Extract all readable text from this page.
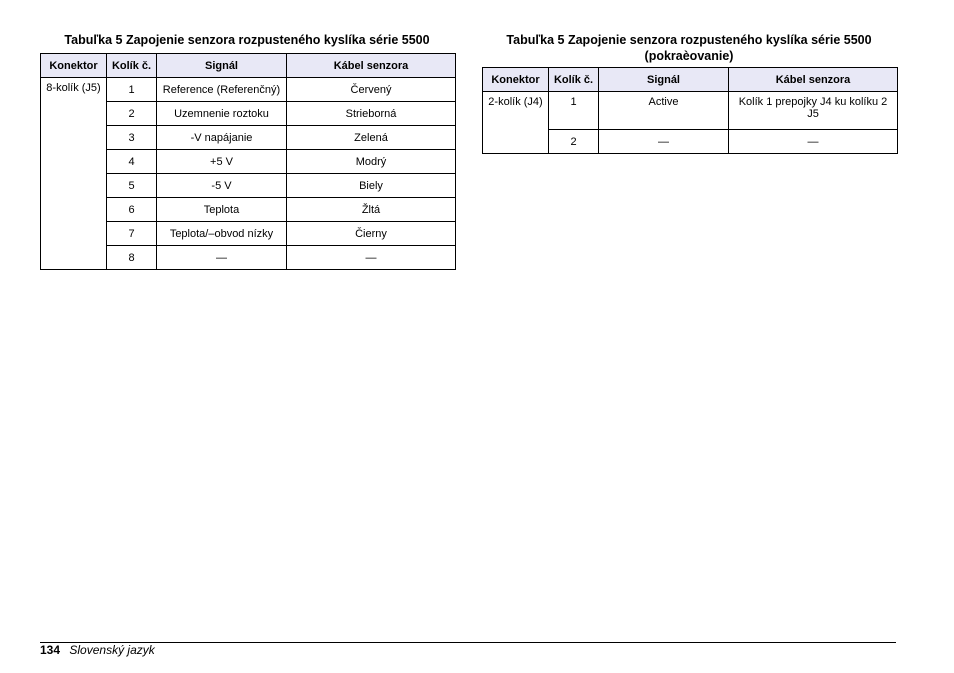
Tabuľka 5 Zapojenie senzora rozpusteného kyslíka série 5500
Konektor	Kolík č.	Signál	Kábel senzora
8-kolík (J5)	1	Reference (Referenčný)	Červený
	2	Uzemnenie roztoku	Strieborná
	3	-V napájanie	Zelená
	4	+5 V	Modrý
	5	-5 V	Biely
	6	Teplota	Žltá
	7	Teplota/–obvod nízky	Čierny
	8	—	—
Tabuľka 5 Zapojenie senzora rozpusteného kyslíka série 5500
(pokraèovanie)
Konektor	Kolík č.	Signál	Kábel senzora
2-kolík (J4)	1	Active	Kolík 1 prepojky J4 ku kolíku 2 J5
	2	—	—
134 Slovenský jazyk
